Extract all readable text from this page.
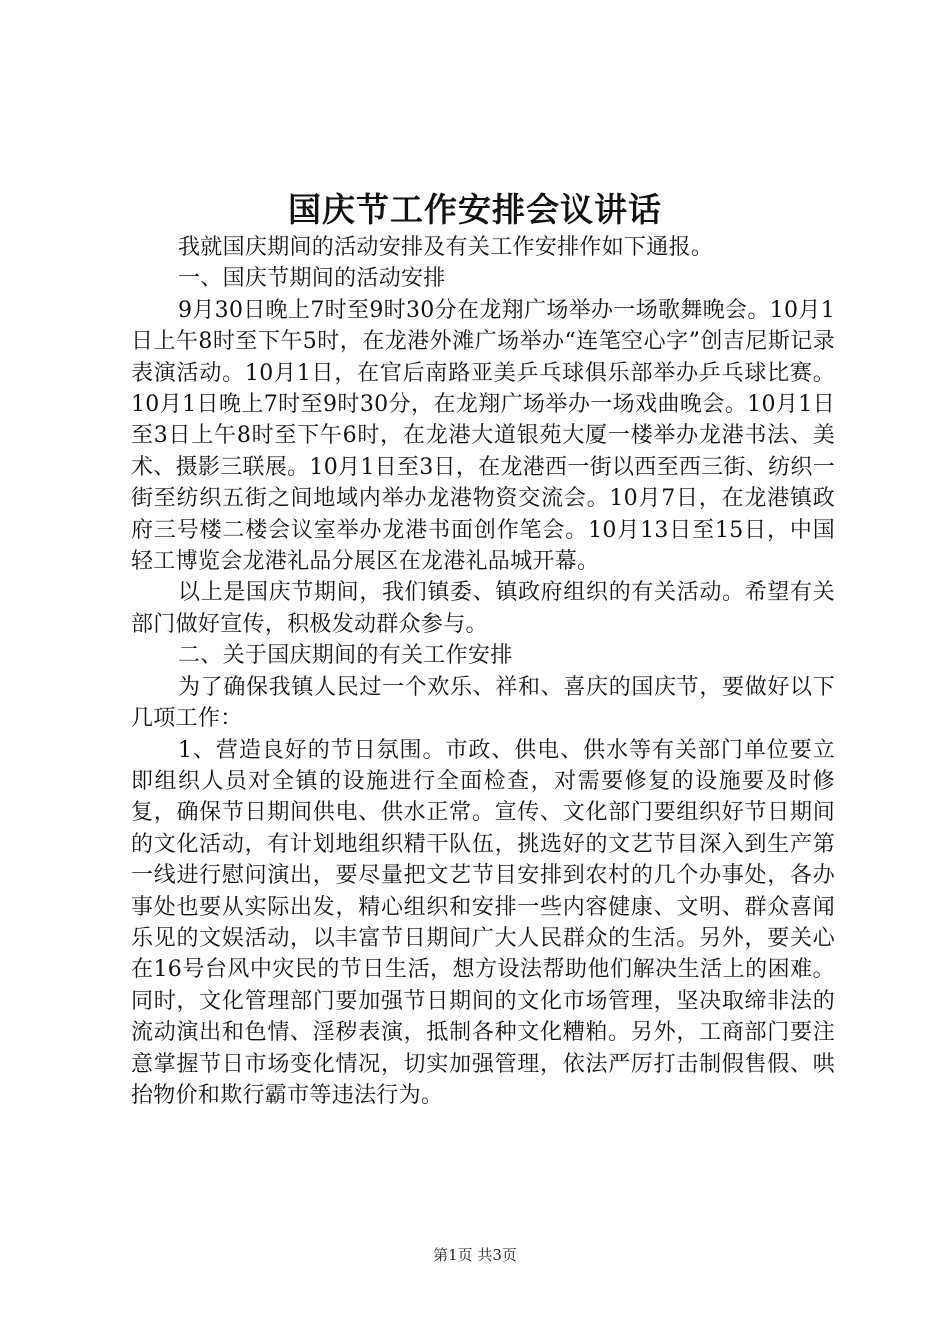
国庆节工作安排会议讲话

我就国庆期间的活动安排及有关工作安排作如下通报。

一、国庆节期间的活动安排

9月30日晚上7时至9时30分在龙翔广场举办一场歌舞晚会。10月1日上午8时至下午5时，在龙港外滩广场举办“连笔空心字”创吉尼斯记录表演活动。10月1日，在官后南路亚美乒乓球俱乐部举办乒乓球比赛。10月1日晚上7时至9时30分，在龙翔广场举办一场戏曲晚会。10月1日至3日上午8时至下午6时，在龙港大道银苑大厦一楼举办龙港书法、美术、摄影三联展。10月1日至3日，在龙港西一街以西至西三街、纺织一街至纺织五街之间地域内举办龙港物资交流会。10月7日，在龙港镇政府三号楼二楼会议室举办龙港书面创作笔会。10月13日至15日，中国轻工博览会龙港礼品分展区在龙港礼品城开幕。

以上是国庆节期间，我们镇委、镇政府组织的有关活动。希望有关部门做好宣传，积极发动群众参与。

二、关于国庆期间的有关工作安排

为了确保我镇人民过一个欢乐、祥和、喜庆的国庆节，要做好以下几项工作：

1、营造良好的节日氛围。市政、供电、供水等有关部门单位要立即组织人员对全镇的设施进行全面检查，对需要修复的设施要及时修复，确保节日期间供电、供水正常。宣传、文化部门要组织好节日期间的文化活动，有计划地组织精干队伍，挑选好的文艺节目深入到生产第一线进行慰问演出，要尽量把文艺节目安排到农村的几个办事处，各办事处也要从实际出发，精心组织和安排一些内容健康、文明、群众喜闻乐见的文娱活动，以丰富节日期间广大人民群众的生活。另外，要关心在16号台风中灾民的节日生活，想方设法帮助他们解决生活上的困难。同时，文化管理部门要加强节日期间的文化市场管理，坚决取缔非法的流动演出和色情、淫秽表演，抵制各种文化糟粕。另外，工商部门要注意掌握节日市场变化情况，切实加强管理，依法严厉打击制假售假、哄抬物价和欺行霸市等违法行为。

第1页 共3页
